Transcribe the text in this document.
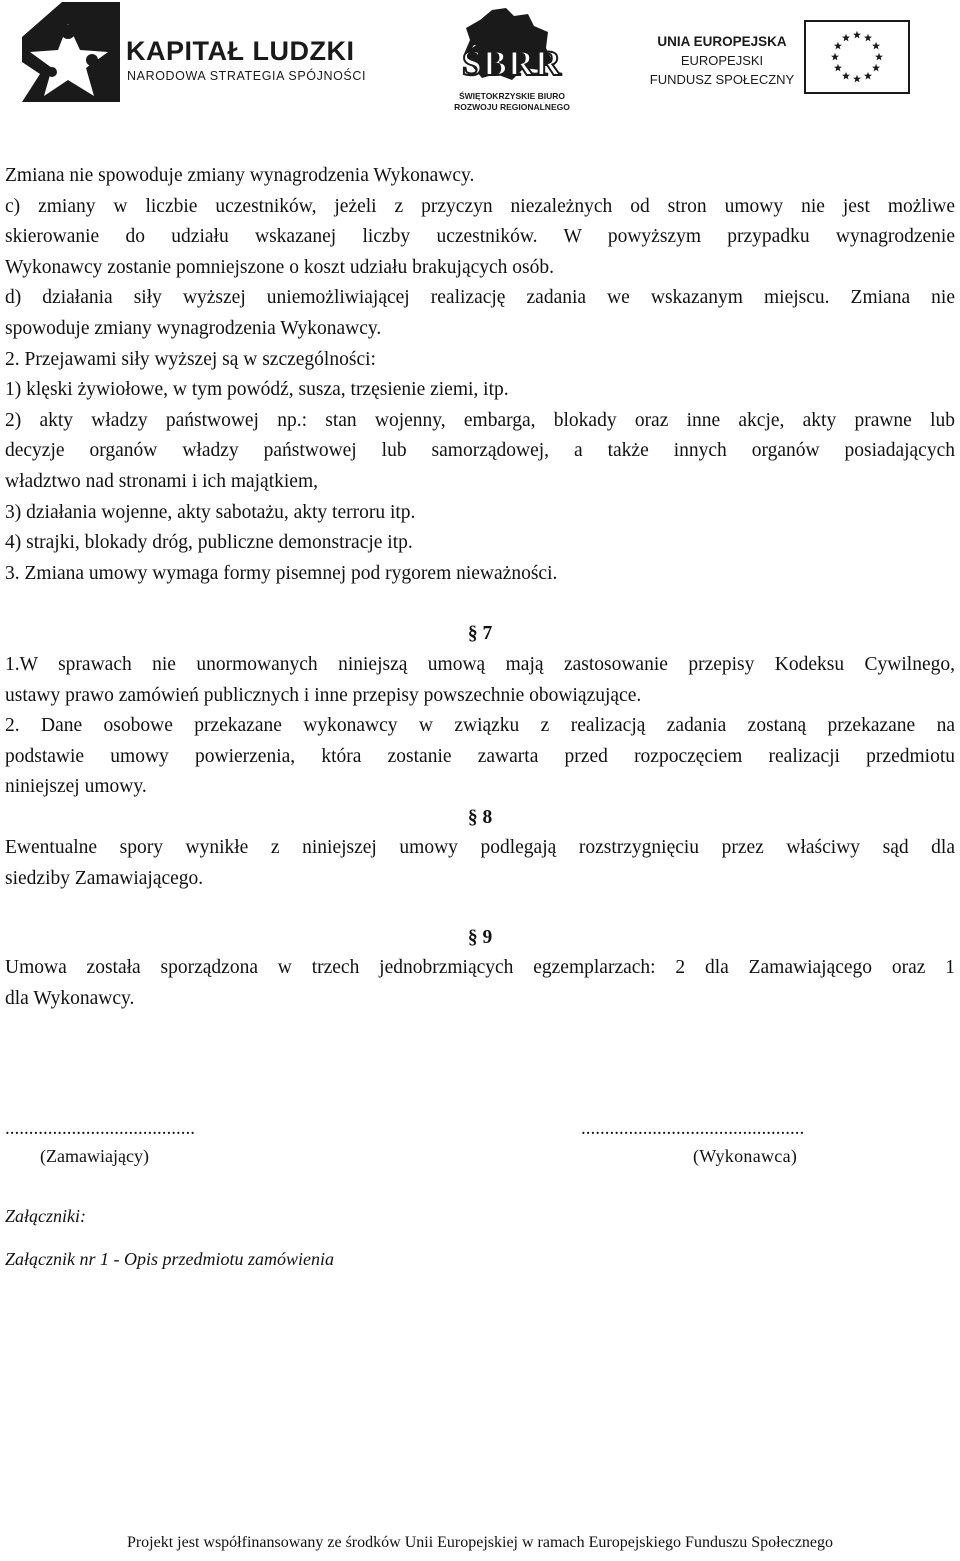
KAPITAŁ LUDZKI
NARODOWA STRATEGIA SPÓJNOŚCI	ŚBRR
ŚWIĘTOKRZYSKIE BIURO
ROZWOJU REGIONALNEGO
UNIA EUROPEJSKA
EUROPEJSKI
FUNDUSZ SPOŁECZNY

Zmiana nie spowoduje zmiany wynagrodzenia Wykonawcy.

c) zmiany w liczbie uczestników, jeżeli z przyczyn niezależnych od stron umowy nie jest możliwe

skierowanie do udziału wskazanej liczby uczestników. W powyższym przypadku wynagrodzenie

Wykonawcy zostanie pomniejszone o koszt udziału brakujących osób.

d) działania siły wyższej uniemożliwiającej realizację zadania we wskazanym miejscu. Zmiana nie

spowoduje zmiany wynagrodzenia Wykonawcy.

2. Przejawami siły wyższej są w szczególności:

1) klęski żywiołowe, w tym powódź, susza, trzęsienie ziemi, itp.

2) akty władzy państwowej np.: stan wojenny, embarga, blokady oraz inne akcje, akty prawne lub

decyzje organów władzy państwowej lub samorządowej, a także innych organów posiadających

władztwo nad stronami i ich majątkiem,

3) działania wojenne, akty sabotażu, akty terroru itp.

4) strajki, blokady dróg, publiczne demonstracje itp.

3. Zmiana umowy wymaga formy pisemnej pod rygorem nieważności.

§ 7

1.W sprawach nie unormowanych niniejszą umową mają zastosowanie przepisy Kodeksu Cywilnego,

ustawy prawo zamówień publicznych i inne przepisy powszechnie obowiązujące.

2. Dane osobowe przekazane wykonawcy w związku z realizacją zadania zostaną przekazane na

podstawie umowy powierzenia, która zostanie zawarta przed rozpoczęciem realizacji przedmiotu

niniejszej umowy.

§ 8

Ewentualne spory wynikłe z niniejszej umowy podlegają rozstrzygnięciu przez właściwy sąd dla

siedziby Zamawiającego.

§ 9

Umowa została sporządzona w trzech jednobrzmiących egzemplarzach: 2 dla Zamawiającego oraz 1

dla Wykonawcy.

........................................	...............................................
(Zamawiający)	(Wykonawca)
Załączniki:
Załącznik nr 1 - Opis przedmiotu zamówienia
Projekt jest współfinansowany ze środków Unii Europejskiej w ramach Europejskiego Funduszu Społecznego
